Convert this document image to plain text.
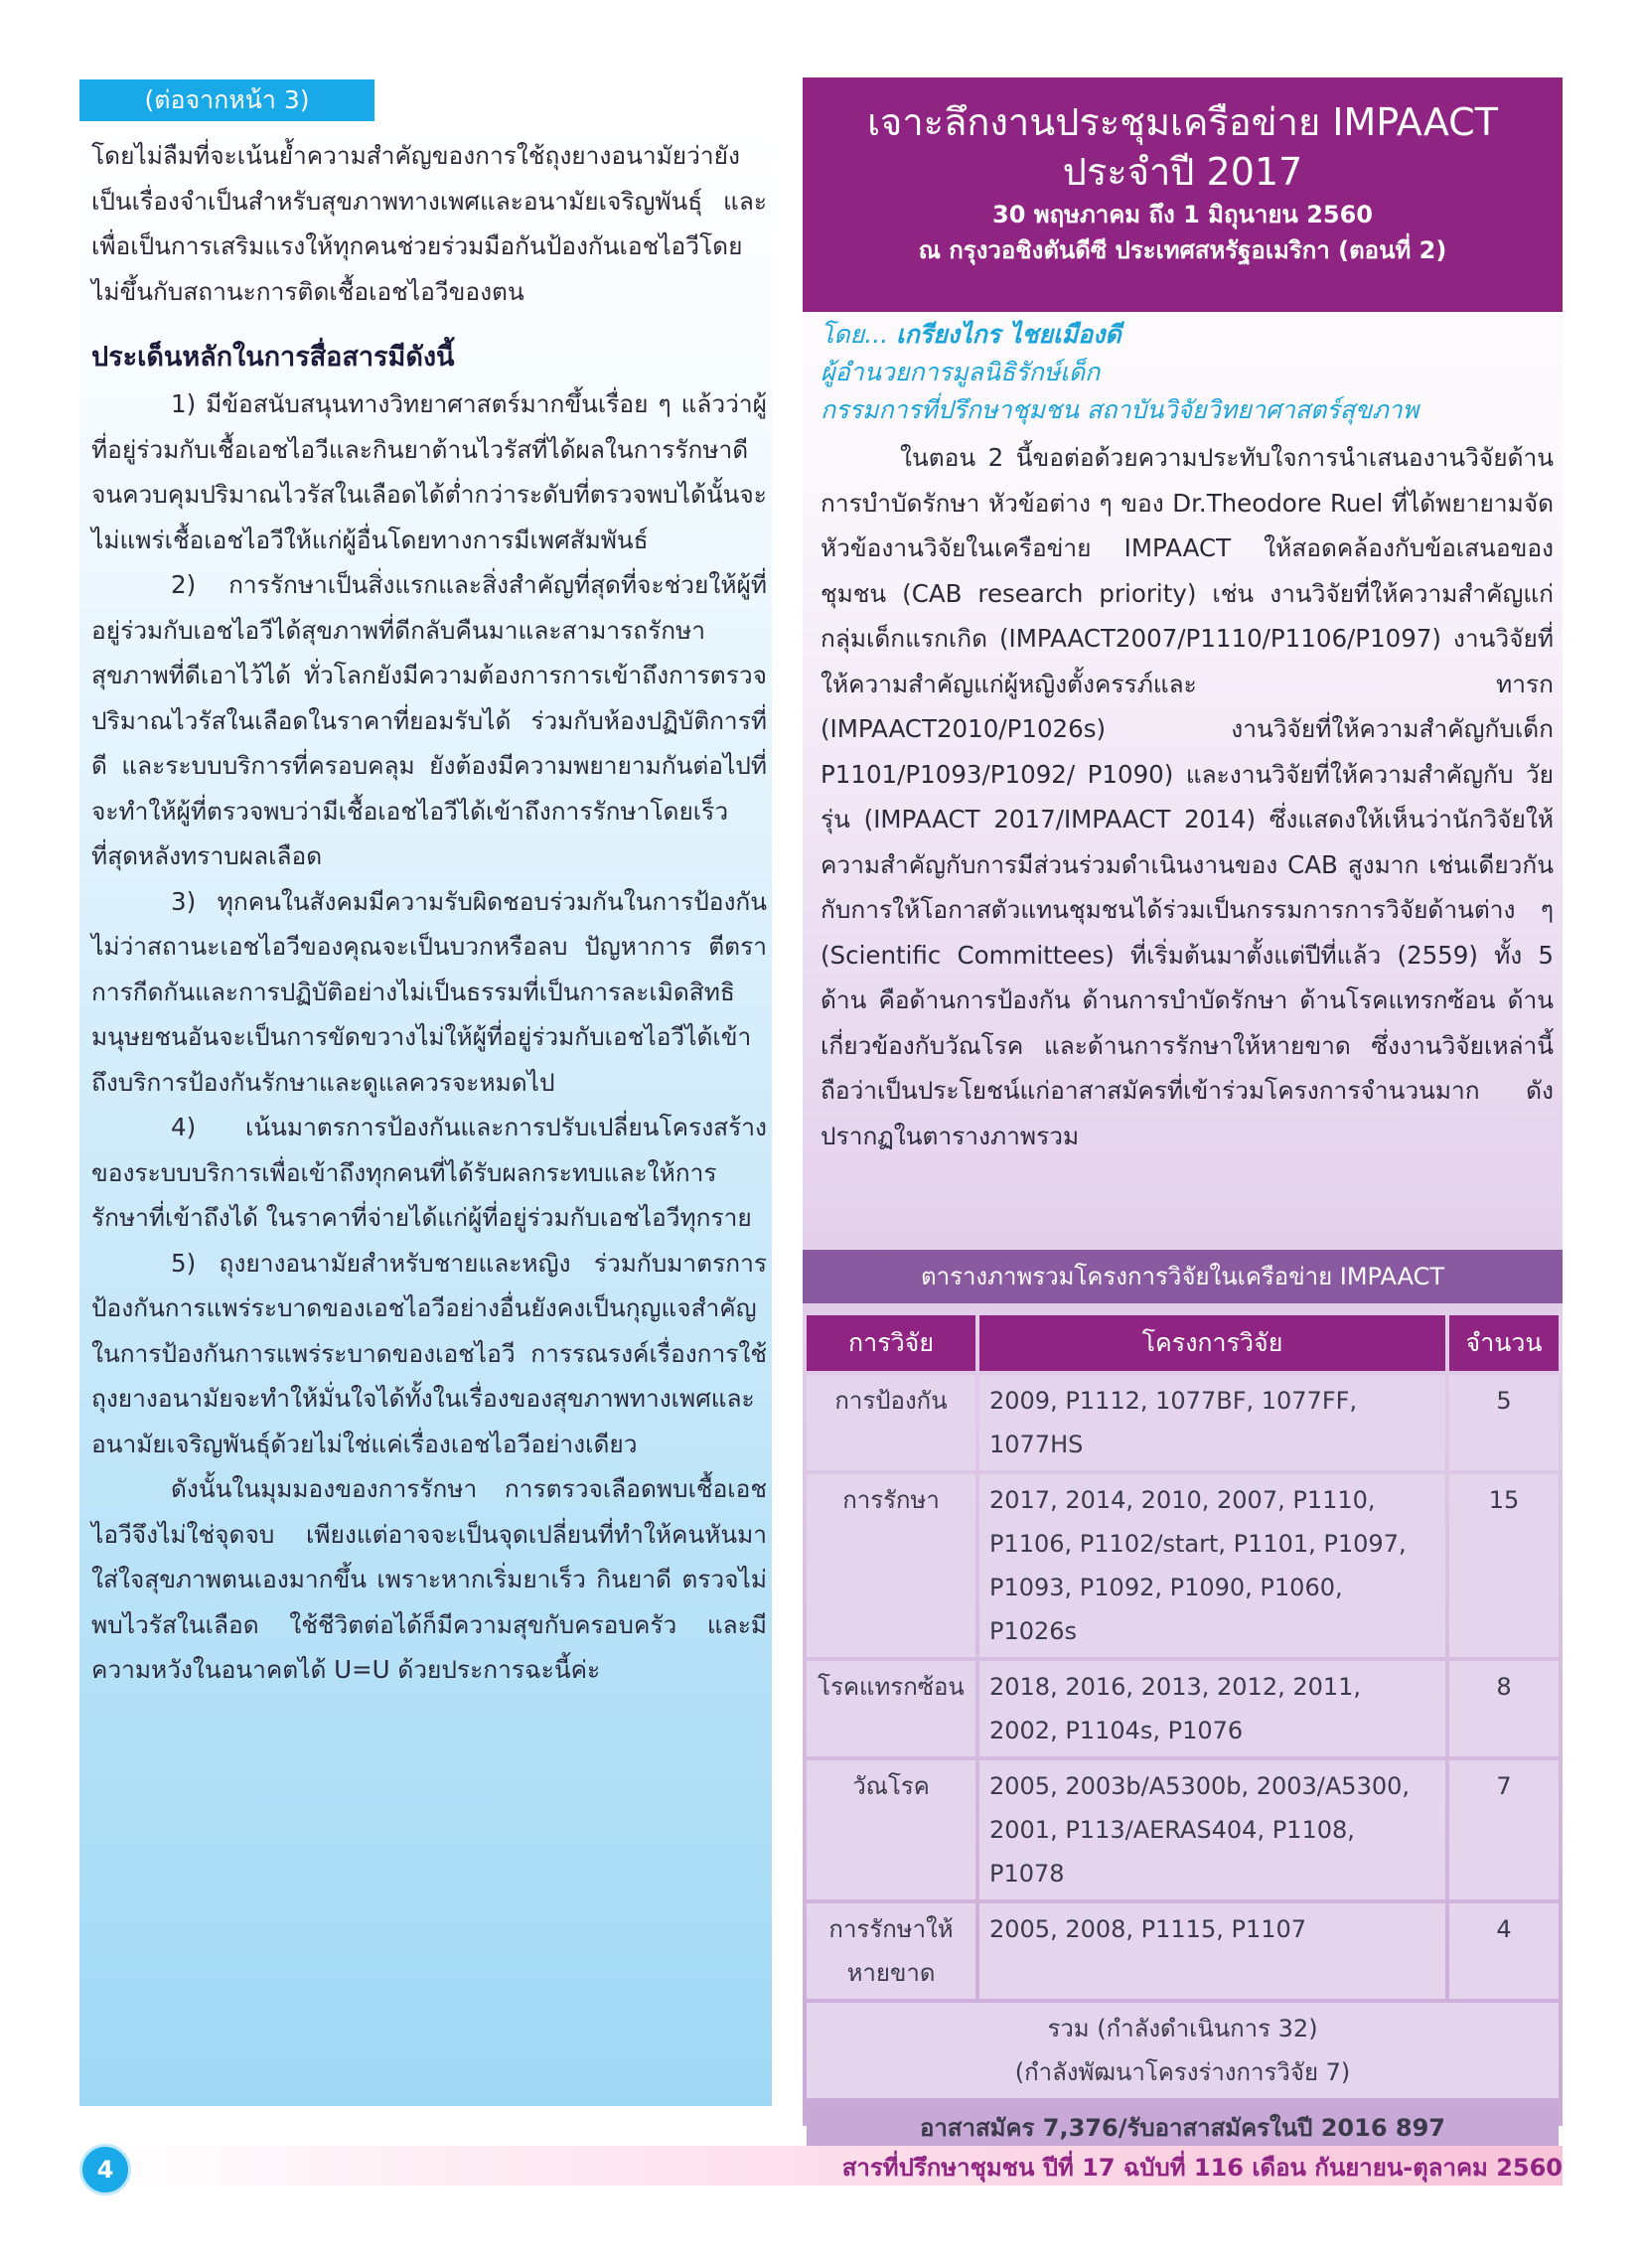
(ต่อจากหน้า 3)

โดยไม่ลืมที่จะเน้นย้ำความสำคัญของการใช้ถุงยางอนามัยว่ายังเป็นเรื่องจำเป็นสำหรับสุขภาพทางเพศและอนามัยเจริญพันธุ์ และเพื่อเป็นการเสริมแรงให้ทุกคนช่วยร่วมมือกันป้องกันเอชไอวีโดยไม่ขึ้นกับสถานะการติดเชื้อเอชไอวีของตน

ประเด็นหลักในการสื่อสารมีดังนี้

1) มีข้อสนับสนุนทางวิทยาศาสตร์มากขึ้นเรื่อย ๆ แล้วว่าผู้ที่อยู่ร่วมกับเชื้อเอชไอวีและกินยาต้านไวรัสที่ได้ผลในการรักษาดีจนควบคุมปริมาณไวรัสในเลือดได้ต่ำกว่าระดับที่ตรวจพบได้นั้นจะไม่แพร่เชื้อเอชไอวีให้แก่ผู้อื่นโดยทางการมีเพศสัมพันธ์

2) การรักษาเป็นสิ่งแรกและสิ่งสำคัญที่สุดที่จะช่วยให้ผู้ที่อยู่ร่วมกับเอชไอวีได้สุขภาพที่ดีกลับคืนมาและสามารถรักษาสุขภาพที่ดีเอาไว้ได้ ทั่วโลกยังมีความต้องการการเข้าถึงการตรวจปริมาณไวรัสในเลือดในราคาที่ยอมรับได้ ร่วมกับห้องปฏิบัติการที่ดี และระบบบริการที่ครอบคลุม ยังต้องมีความพยายามกันต่อไปที่จะทำให้ผู้ที่ตรวจพบว่ามีเชื้อเอชไอวีได้เข้าถึงการรักษาโดยเร็วที่สุดหลังทราบผลเลือด

3) ทุกคนในสังคมมีความรับผิดชอบร่วมกันในการป้องกัน ไม่ว่าสถานะเอชไอวีของคุณจะเป็นบวกหรือลบ ปัญหาการ ตีตรา การกีดกันและการปฏิบัติอย่างไม่เป็นธรรมที่เป็นการละเมิดสิทธิมนุษยชนอันจะเป็นการขัดขวางไม่ให้ผู้ที่อยู่ร่วมกับเอชไอวีได้เข้าถึงบริการป้องกันรักษาและดูแลควรจะหมดไป

4) เน้นมาตรการป้องกันและการปรับเปลี่ยนโครงสร้างของระบบบริการเพื่อเข้าถึงทุกคนที่ได้รับผลกระทบและให้การรักษาที่เข้าถึงได้ ในราคาที่จ่ายได้แก่ผู้ที่อยู่ร่วมกับเอชไอวีทุกราย

5) ถุงยางอนามัยสำหรับชายและหญิง ร่วมกับมาตรการป้องกันการแพร่ระบาดของเอชไอวีอย่างอื่นยังคงเป็นกุญแจสำคัญในการป้องกันการแพร่ระบาดของเอชไอวี การรณรงค์เรื่องการใช้ถุงยางอนามัยจะทำให้มั่นใจได้ทั้งในเรื่องของสุขภาพทางเพศและอนามัยเจริญพันธุ์ด้วยไม่ใช่แค่เรื่องเอชไอวีอย่างเดียว

ดังนั้นในมุมมองของการรักษา การตรวจเลือดพบเชื้อเอชไอวีจึงไม่ใช่จุดจบ เพียงแต่อาจจะเป็นจุดเปลี่ยนที่ทำให้คนหันมาใส่ใจสุขภาพตนเองมากขึ้น เพราะหากเริ่มยาเร็ว กินยาดี ตรวจไม่พบไวรัสในเลือด ใช้ชีวิตต่อได้ก็มีความสุขกับครอบครัว และมีความหวังในอนาคตได้ U=U ด้วยประการฉะนี้ค่ะ

เจาะลึกงานประชุมเครือข่าย IMPAACT
ประจำปี 2017
30 พฤษภาคม ถึง 1 มิถุนายน 2560
ณ กรุงวอชิงตันดีซี ประเทศสหรัฐอเมริกา (ตอนที่ 2)
โดย... เกรียงไกร ไชยเมืองดี
ผู้อำนวยการมูลนิธิรักษ์เด็ก
กรรมการที่ปรึกษาชุมชน สถาบันวิจัยวิทยาศาสตร์สุขภาพ

ในตอน 2 นี้ขอต่อด้วยความประทับใจการนำเสนองานวิจัยด้านการบำบัดรักษา หัวข้อต่าง ๆ ของ Dr.Theodore Ruel ที่ได้พยายามจัดหัวข้องานวิจัยในเครือข่าย IMPAACT ให้สอดคล้องกับข้อเสนอของชุมชน (CAB research priority) เช่น งานวิจัยที่ให้ความสำคัญแก่กลุ่มเด็กแรกเกิด (IMPAACT2007/P1110/P1106/P1097) งานวิจัยที่ให้ความสำคัญแก่ผู้หญิงตั้งครรภ์และ ทารก (IMPAACT2010/P1026s) งานวิจัยที่ให้ความสำคัญกับเด็ก P1101/P1093/P1092/ P1090) และงานวิจัยที่ให้ความสำคัญกับ วัยรุ่น (IMPAACT 2017/IMPAACT 2014) ซึ่งแสดงให้เห็นว่านักวิจัยให้ความสำคัญกับการมีส่วนร่วมดำเนินงานของ CAB สูงมาก เช่นเดียวกันกับการให้โอกาสตัวแทนชุมชนได้ร่วมเป็นกรรมการการวิจัยด้านต่าง ๆ (Scientific Committees) ที่เริ่มต้นมาตั้งแต่ปีที่แล้ว (2559) ทั้ง 5 ด้าน คือด้านการป้องกัน ด้านการบำบัดรักษา ด้านโรคแทรกซ้อน ด้านเกี่ยวข้องกับวัณโรค และด้านการรักษาให้หายขาด ซึ่งงานวิจัยเหล่านี้ถือว่าเป็นประโยชน์แก่อาสาสมัครที่เข้าร่วมโครงการจำนวนมาก ดังปรากฏในตารางภาพรวม

ตารางภาพรวมโครงการวิจัยในเครือข่าย IMPAACT
การวิจัย	โครงการวิจัย	จำนวน
การป้องกัน	2009, P1112, 1077BF, 1077FF, 1077HS	5
การรักษา	2017, 2014, 2010, 2007, P1110, P1106, P1102/start, P1101, P1097, P1093, P1092, P1090, P1060, P1026s	15
โรคแทรกซ้อน	2018, 2016, 2013, 2012, 2011, 2002, P1104s, P1076	8
วัณโรค	2005, 2003b/A5300b, 2003/A5300, 2001, P113/AERAS404, P1108, P1078	7
การรักษาให้หายขาด	2005, 2008, P1115, P1107	4

รวม (กำลังดำเนินการ 32)
(กำลังพัฒนาโครงร่างการวิจัย 7)		

อาสาสมัคร 7,376/รับอาสาสมัครในปี 2016 897		
4	สารที่ปรึกษาชุมชน ปีที่ 17 ฉบับที่ 116 เดือน กันยายน-ตุลาคม 2560
